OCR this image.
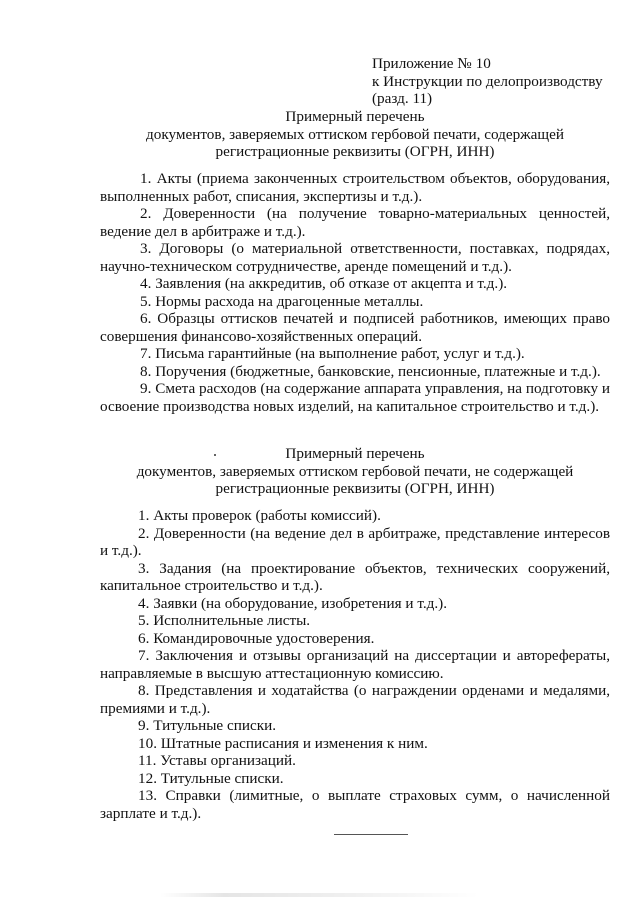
Приложение № 10
к Инструкции по делопроизводству
(разд. 11)
Примерный перечень
документов, заверяемых оттиском гербовой печати, содержащей
регистрационные реквизиты (ОГРН, ИНН)

1. Акты (приема законченных строительством объектов, оборудования, выполненных работ, списания, экспертизы и т.д.).

2. Доверенности (на получение товарно-материальных ценностей, ведение дел в арбитраже и т.д.).

3. Договоры (о материальной ответственности, поставках, подрядах, научно-техническом сотрудничестве, аренде помещений и т.д.).

4. Заявления (на аккредитив, об отказе от акцепта и т.д.).

5. Нормы расхода на драгоценные металлы.

6. Образцы оттисков печатей и подписей работников, имеющих право совершения финансово-хозяйственных операций.

7. Письма гарантийные (на выполнение работ, услуг и т.д.).

8. Поручения (бюджетные, банковские, пенсионные, платежные и т.д.).

9. Смета расходов (на содержание аппарата управления, на подготовку и освоение производства новых изделий, на капитальное строительство и т.д.).

Примерный перечень
документов, заверяемых оттиском гербовой печати, не содержащей
регистрационные реквизиты (ОГРН, ИНН)

1. Акты проверок (работы комиссий).

2. Доверенности (на ведение дел в арбитраже, представление интересов и т.д.).

3. Задания (на проектирование объектов, технических сооружений, капитальное строительство и т.д.).

4. Заявки (на оборудование, изобретения и т.д.).

5. Исполнительные листы.

6. Командировочные удостоверения.

7. Заключения и отзывы организаций на диссертации и авторефераты, направляемые в высшую аттестационную комиссию.

8. Представления и ходатайства (о награждении орденами и медалями, премиями и т.д.).

9. Титульные списки.

10. Штатные расписания и изменения к ним.

11. Уставы организаций.

12. Титульные списки.

13. Справки (лимитные, о выплате страховых сумм, о начисленной зарплате и т.д.).
